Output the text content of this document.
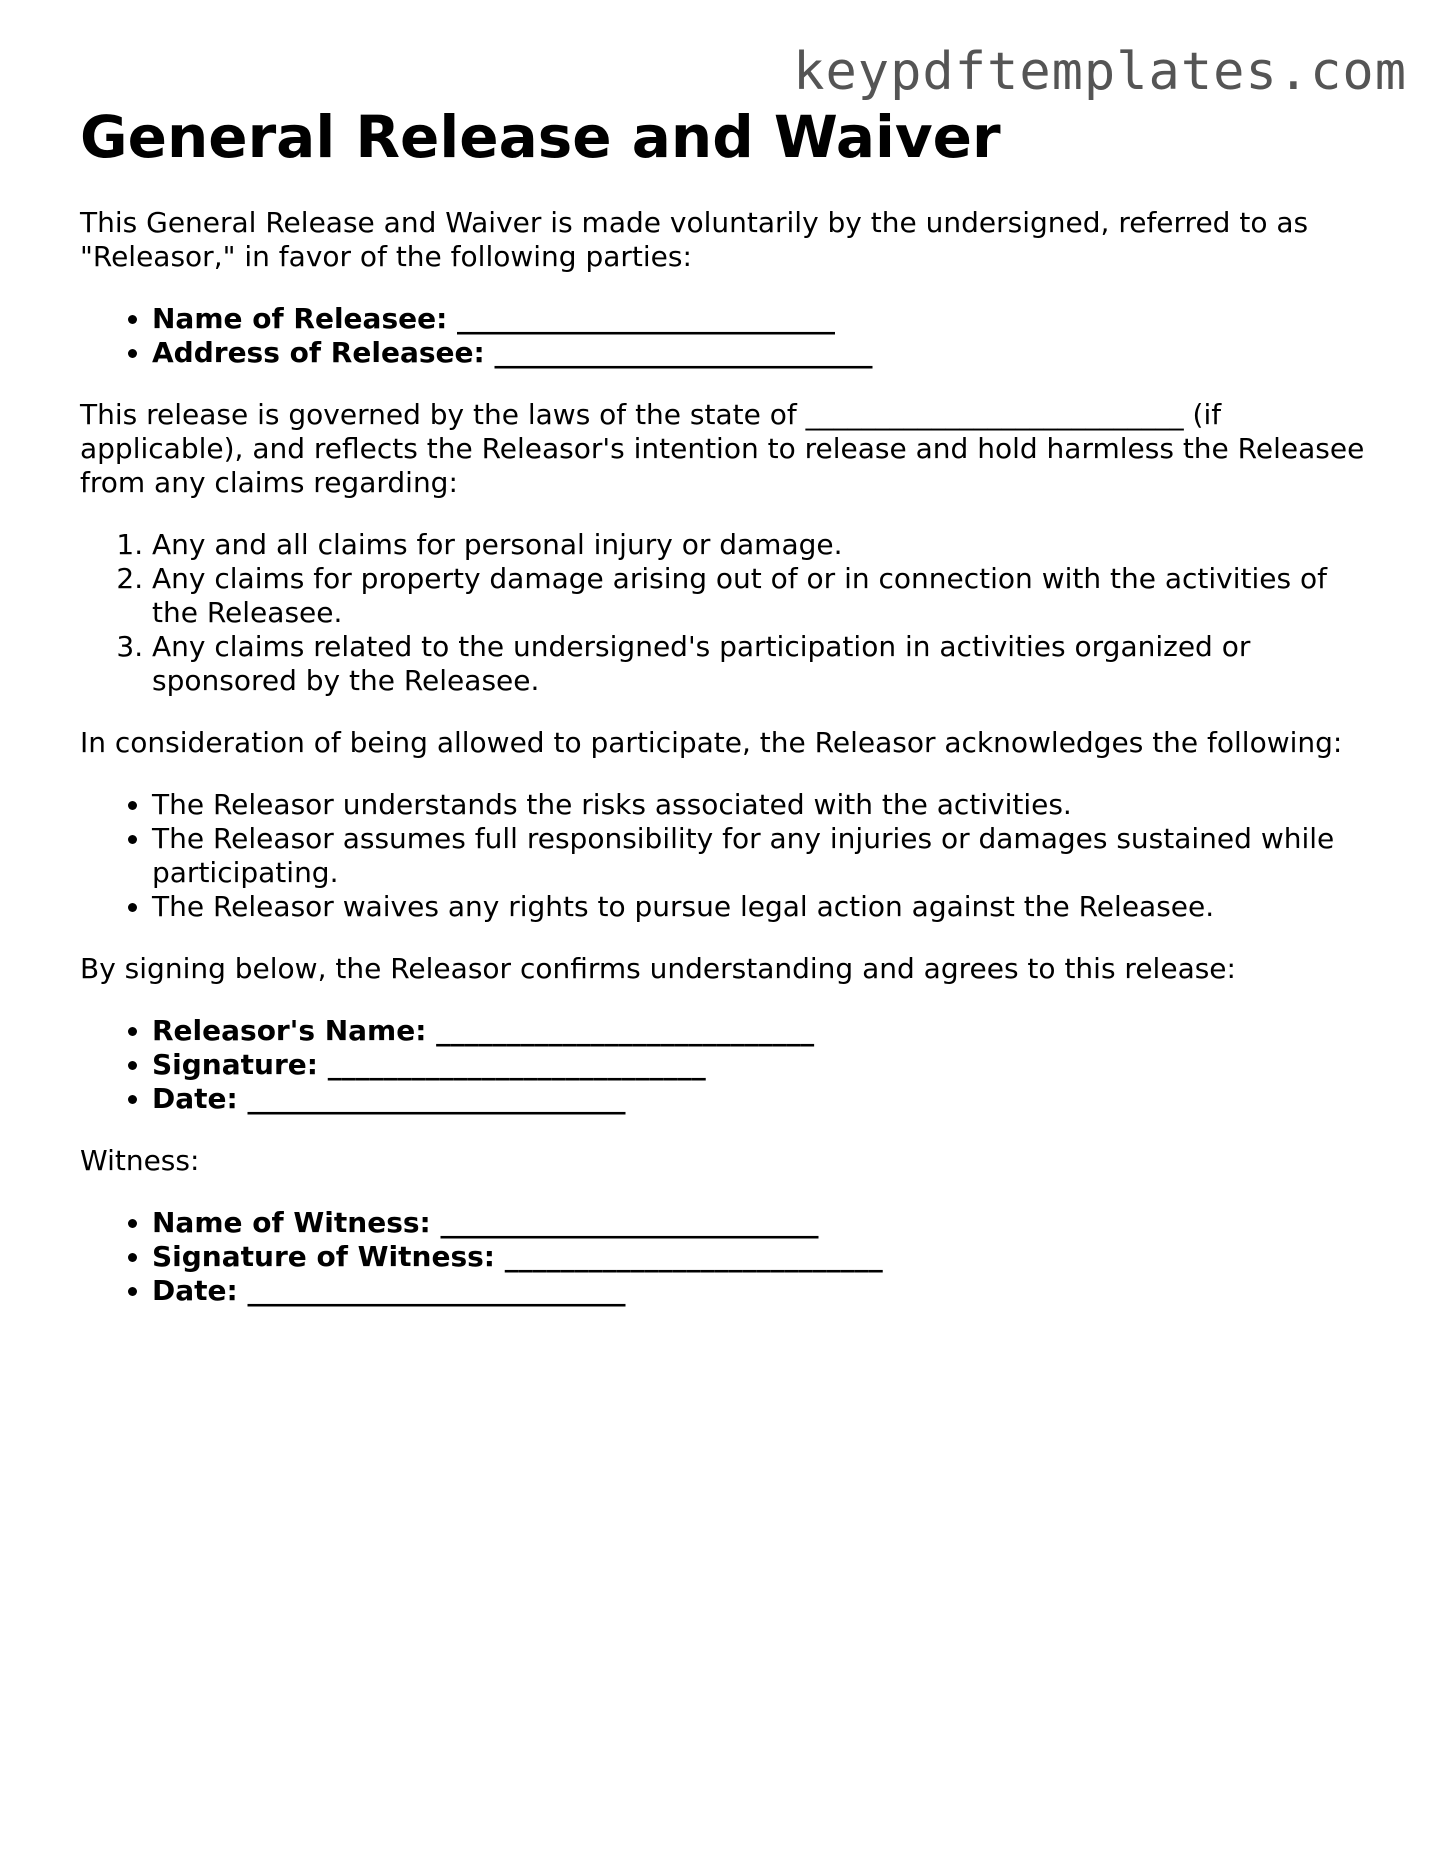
keypdftemplates.com
General Release and Waiver

This General Release and Waiver is made voluntarily by the undersigned, referred to as "Releasor," in favor of the following parties:

• Name of Releasee: ___________________________
• Address of Releasee: ___________________________

This release is governed by the laws of the state of ___________________________ (if applicable), and reflects the Releasor's intention to release and hold harmless the Releasee from any claims regarding:

1. Any and all claims for personal injury or damage.
2. Any claims for property damage arising out of or in connection with the activities of the Releasee.
3. Any claims related to the undersigned's participation in activities organized or sponsored by the Releasee.

In consideration of being allowed to participate, the Releasor acknowledges the following:

• The Releasor understands the risks associated with the activities.
• The Releasor assumes full responsibility for any injuries or damages sustained while participating.
• The Releasor waives any rights to pursue legal action against the Releasee.

By signing below, the Releasor confirms understanding and agrees to this release:

• Releasor's Name: ___________________________
• Signature: ___________________________
• Date: ___________________________

Witness:

• Name of Witness: ___________________________
• Signature of Witness: ___________________________
• Date: ___________________________
